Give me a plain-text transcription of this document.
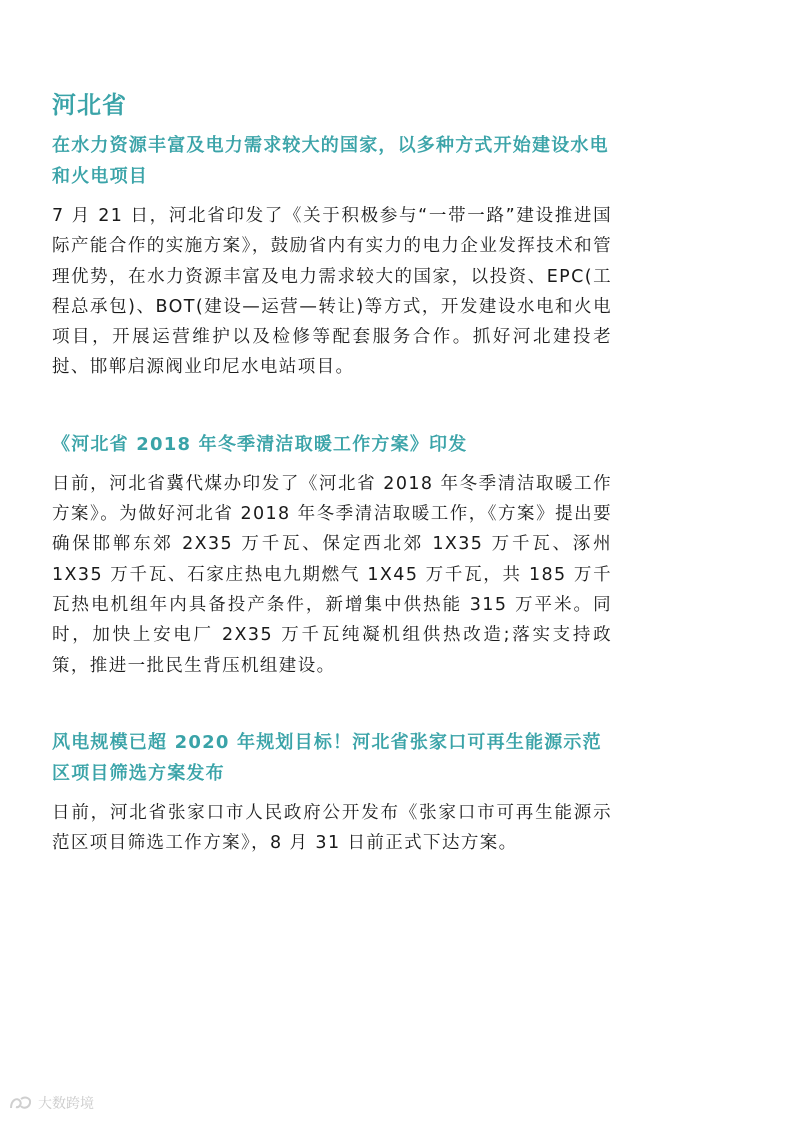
河北省
在水力资源丰富及电力需求较大的国家，以多种方式开始建设水电和火电项目

7 月 21 日，河北省印发了《关于积极参与“一带一路”建设推进国际产能合作的实施方案》，鼓励省内有实力的电力企业发挥技术和管理优势，在水力资源丰富及电力需求较大的国家，以投资、EPC(工程总承包)、BOT(建设—运营—转让)等方式，开发建设水电和火电项目，开展运营维护以及检修等配套服务合作。抓好河北建投老挝、邯郸启源阀业印尼水电站项目。

《河北省 2018 年冬季清洁取暖工作方案》印发

日前，河北省冀代煤办印发了《河北省 2018 年冬季清洁取暖工作方案》。为做好河北省 2018 年冬季清洁取暖工作，《方案》提出要确保邯郸东郊 2X35 万千瓦、保定西北郊 1X35 万千瓦、涿州 1X35 万千瓦、石家庄热电九期燃气 1X45 万千瓦，共 185 万千瓦热电机组年内具备投产条件，新增集中供热能 315 万平米。同时，加快上安电厂 2X35 万千瓦纯凝机组供热改造;落实支持政策，推进一批民生背压机组建设。

风电规模已超 2020 年规划目标！河北省张家口可再生能源示范区项目筛选方案发布

日前，河北省张家口市人民政府公开发布《张家口市可再生能源示范区项目筛选工作方案》，8 月 31 日前正式下达方案。

大数跨境
